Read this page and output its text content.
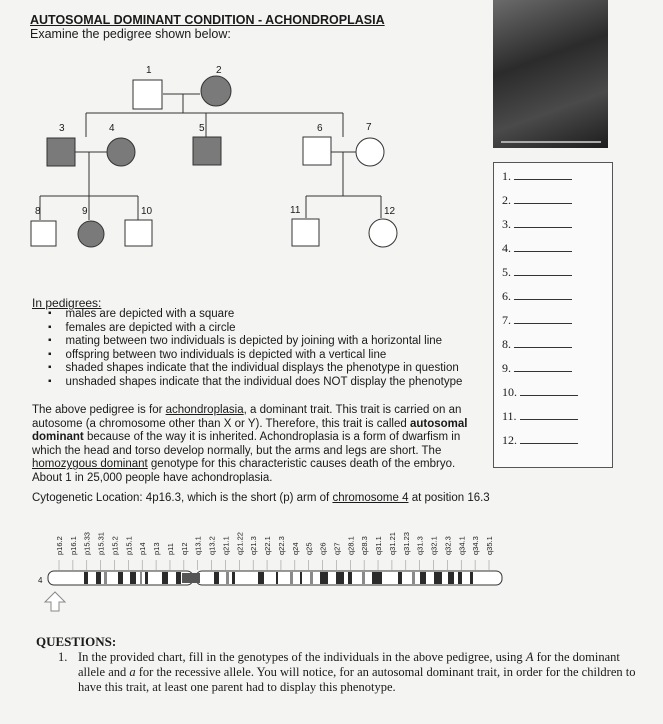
AUTOSOMAL DOMINANT CONDITION - ACHONDROPLASIA
Examine the pedigree shown below:
1	2
3	4	5	6	7
8	9	10	11	12
1.
2.
3.
4.
5.
6.
7.
8.
9.
10.
11.
12.
In pedigrees:
▪ males are depicted with a square
▪ females are depicted with a circle
▪ mating between two individuals is depicted by joining with a horizontal line
▪ offspring between two individuals is depicted with a vertical line
▪ shaded shapes indicate that the individual displays the phenotype in question
▪ unshaded shapes indicate that the individual does NOT display the phenotype
The above pedigree is for achondroplasia, a dominant trait. This trait is carried on an autosome (a chromosome other than X or Y). Therefore, this trait is called autosomal dominant because of the way it is inherited. Achondroplasia is a form of dwarfism in which the head and torso develop normally, but the arms and legs are short. The homozygous dominant genotype for this characteristic causes death of the embryo. About 1 in 25,000 people have achondroplasia.
Cytogenetic Location: 4p16.3, which is the short (p) arm of chromosome 4 at position 16.3
p16.2 p16.1 p15.33 p15.31 p15.2 p15.1 p14 p13 p11 q12 q13.1 q13.2 q21.1 q21.22 q21.3 q22.1 q22.3 q24 q25 q26 q27 q28.1 q28.3 q31.1 q31.21 q31.23 q31.3 q32.1 q32.3 q34.1 q34.3 q35.1
4
QUESTIONS:
1. In the provided chart, fill in the genotypes of the individuals in the above pedigree, using A for the dominant allele and a for the recessive allele. You will notice, for an autosomal dominant trait, in order for the children to have this trait, at least one parent had to display this phenotype.
